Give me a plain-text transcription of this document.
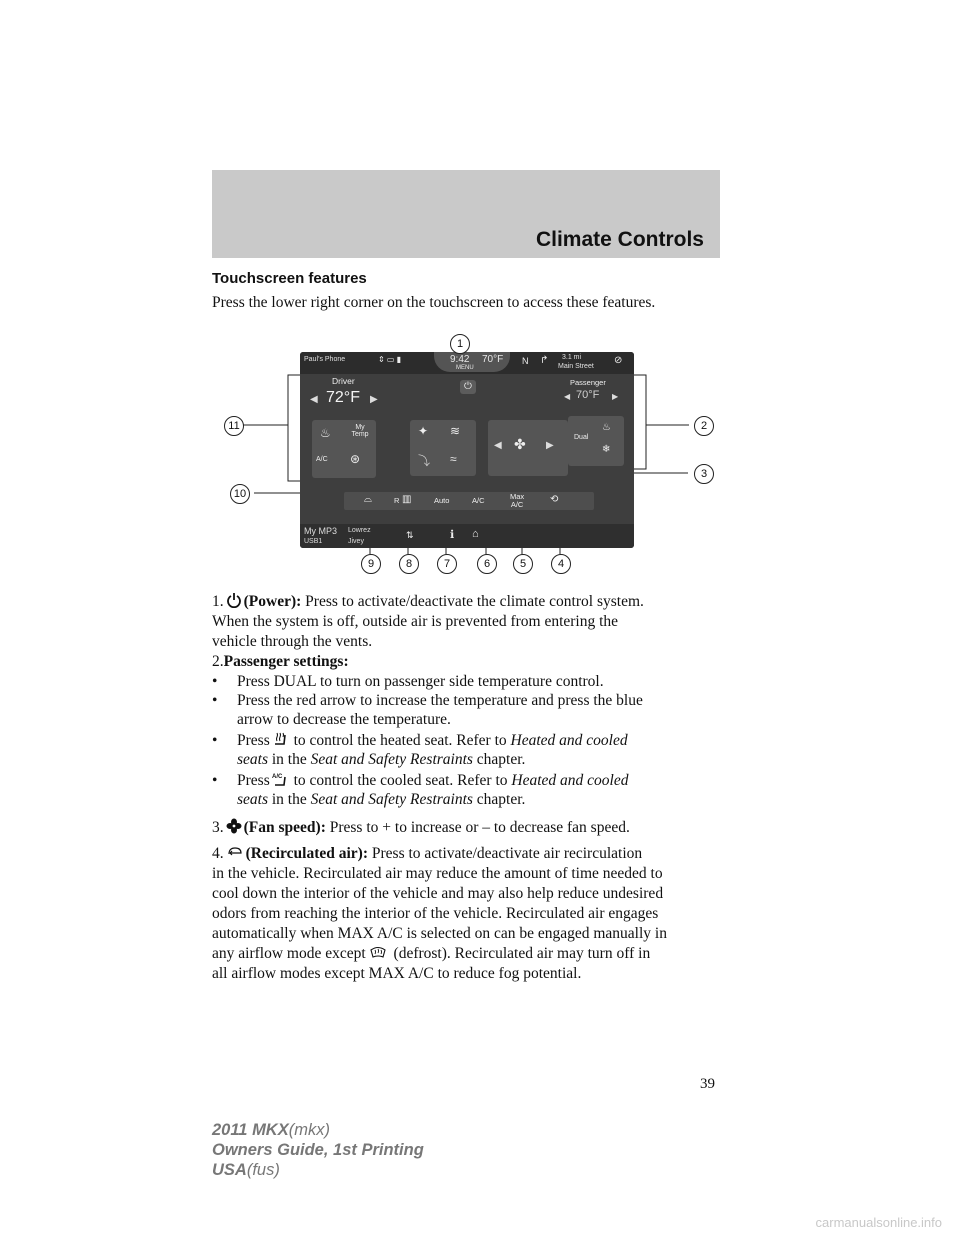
Climate Controls
Touchscreen features
Press the lower right corner on the touchscreen to access these features.
Paul’s Phone	⇕ ▭ ▮	9:42 70°F
MENU
N ↱ 3.1 mi
Main Street
⊘
⏻
Driver
◀ 72°F ▶
♨	My
Temp
A/C ⊛
✦ ≋
⤵ ≈
◀ ✤ ▶
Passenger
◀ 70°F ▶
Dual
♨
❄
⌓	R ▥	Auto	A/C	Max
A/C	⟲
My MP3
USB1
Lowrez
Jivey
⇅	ℹ ⌂
1
2
3
4
5
6
7
8
9
10
11
1. (Power): Press to activate/deactivate the climate control system.
When the system is off, outside air is prevented from entering the
vehicle through the vents.
2.Passenger settings:
•	Press DUAL to turn on passenger side temperature control.
•	Press the red arrow to increase the temperature and press the blue
arrow to decrease the temperature.
•	Press to control the heated seat. Refer to Heated and cooled
seats in the Seat and Safety Restraints chapter.
•	Press A/C to control the cooled seat. Refer to Heated and cooled
seats in the Seat and Safety Restraints chapter.
3. (Fan speed): Press to + to increase or – to decrease fan speed.
4. (Recirculated air): Press to activate/deactivate air recirculation
in the vehicle. Recirculated air may reduce the amount of time needed to
cool down the interior of the vehicle and may also help reduce undesired
odors from reaching the interior of the vehicle. Recirculated air engages
automatically when MAX A/C is selected on can be engaged manually in
any airflow mode except (defrost). Recirculated air may turn off in
all airflow modes except MAX A/C to reduce fog potential.
39
2011 MKX(mkx)
Owners Guide, 1st Printing
USA(fus)
carmanualsonline.info
